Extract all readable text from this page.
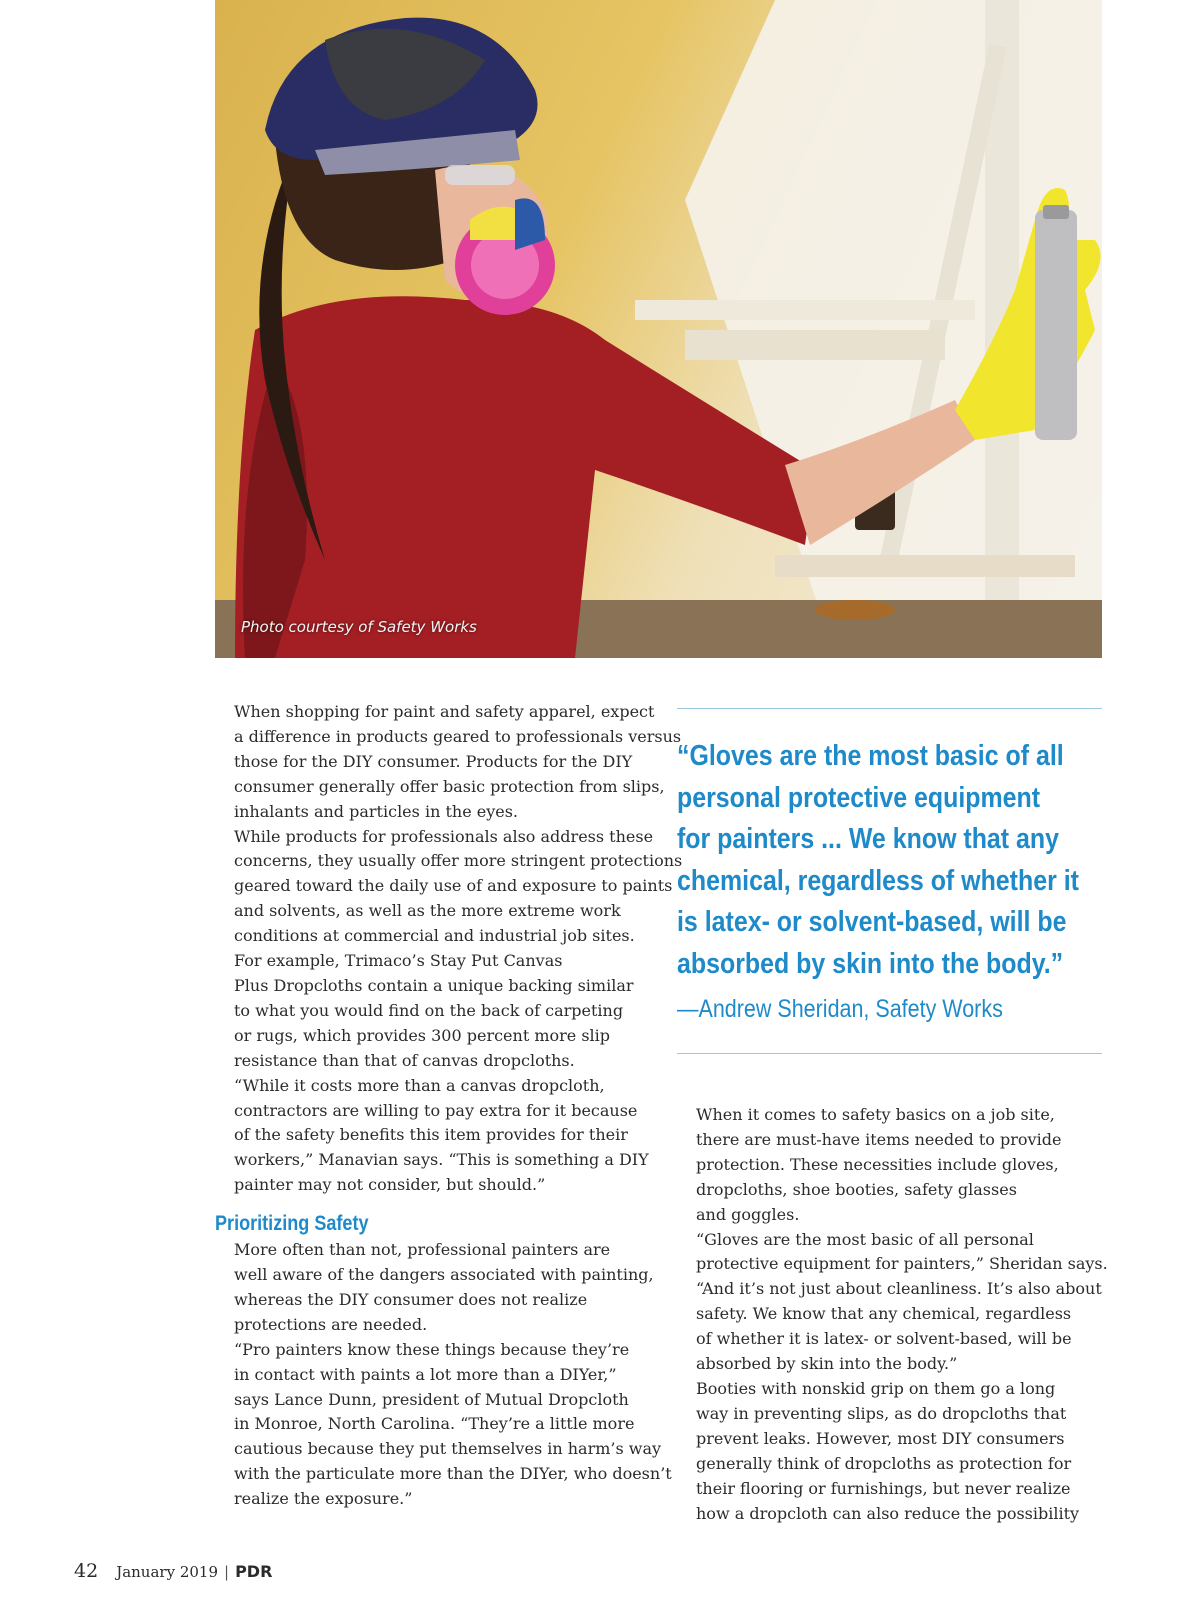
Photo courtesy of Safety Works

When shopping for paint and safety apparel, expect
a difference in products geared to professionals versus
those for the DIY consumer. Products for the DIY
consumer generally offer basic protection from slips,
inhalants and particles in the eyes.

While products for professionals also address these
concerns, they usually offer more stringent protections
geared toward the daily use of and exposure to paints
and solvents, as well as the more extreme work
conditions at commercial and industrial job sites.

For example, Trimaco’s Stay Put Canvas
Plus Dropcloths contain a unique backing similar
to what you would find on the back of carpeting
or rugs, which provides 300 percent more slip
resistance than that of canvas dropcloths.

“While it costs more than a canvas dropcloth,
contractors are willing to pay extra for it because
of the safety benefits this item provides for their
workers,” Manavian says. “This is something a DIY
painter may not consider, but should.”

Prioritizing Safety

More often than not, professional painters are
well aware of the dangers associated with painting,
whereas the DIY consumer does not realize
protections are needed.

“Pro painters know these things because they’re
in contact with paints a lot more than a DIYer,”
says Lance Dunn, president of Mutual Dropcloth
in Monroe, North Carolina. “They’re a little more
cautious because they put themselves in harm’s way
with the particulate more than the DIYer, who doesn’t
realize the exposure.”

“Gloves are the most basic of all
personal protective equipment
for painters ... We know that any
chemical, regardless of whether it
is latex- or solvent-based, will be
absorbed by skin into the body.”
—Andrew Sheridan, Safety Works

When it comes to safety basics on a job site,
there are must-have items needed to provide
protection. These necessities include gloves,
dropcloths, shoe booties, safety glasses
and goggles.

“Gloves are the most basic of all personal
protective equipment for painters,” Sheridan says.
“And it’s not just about cleanliness. It’s also about
safety. We know that any chemical, regardless
of whether it is latex- or solvent-based, will be
absorbed by skin into the body.”

Booties with nonskid grip on them go a long
way in preventing slips, as do dropcloths that
prevent leaks. However, most DIY consumers
generally think of dropcloths as protection for
their flooring or furnishings, but never realize
how a dropcloth can also reduce the possibility

42 January 2019 | PDR
